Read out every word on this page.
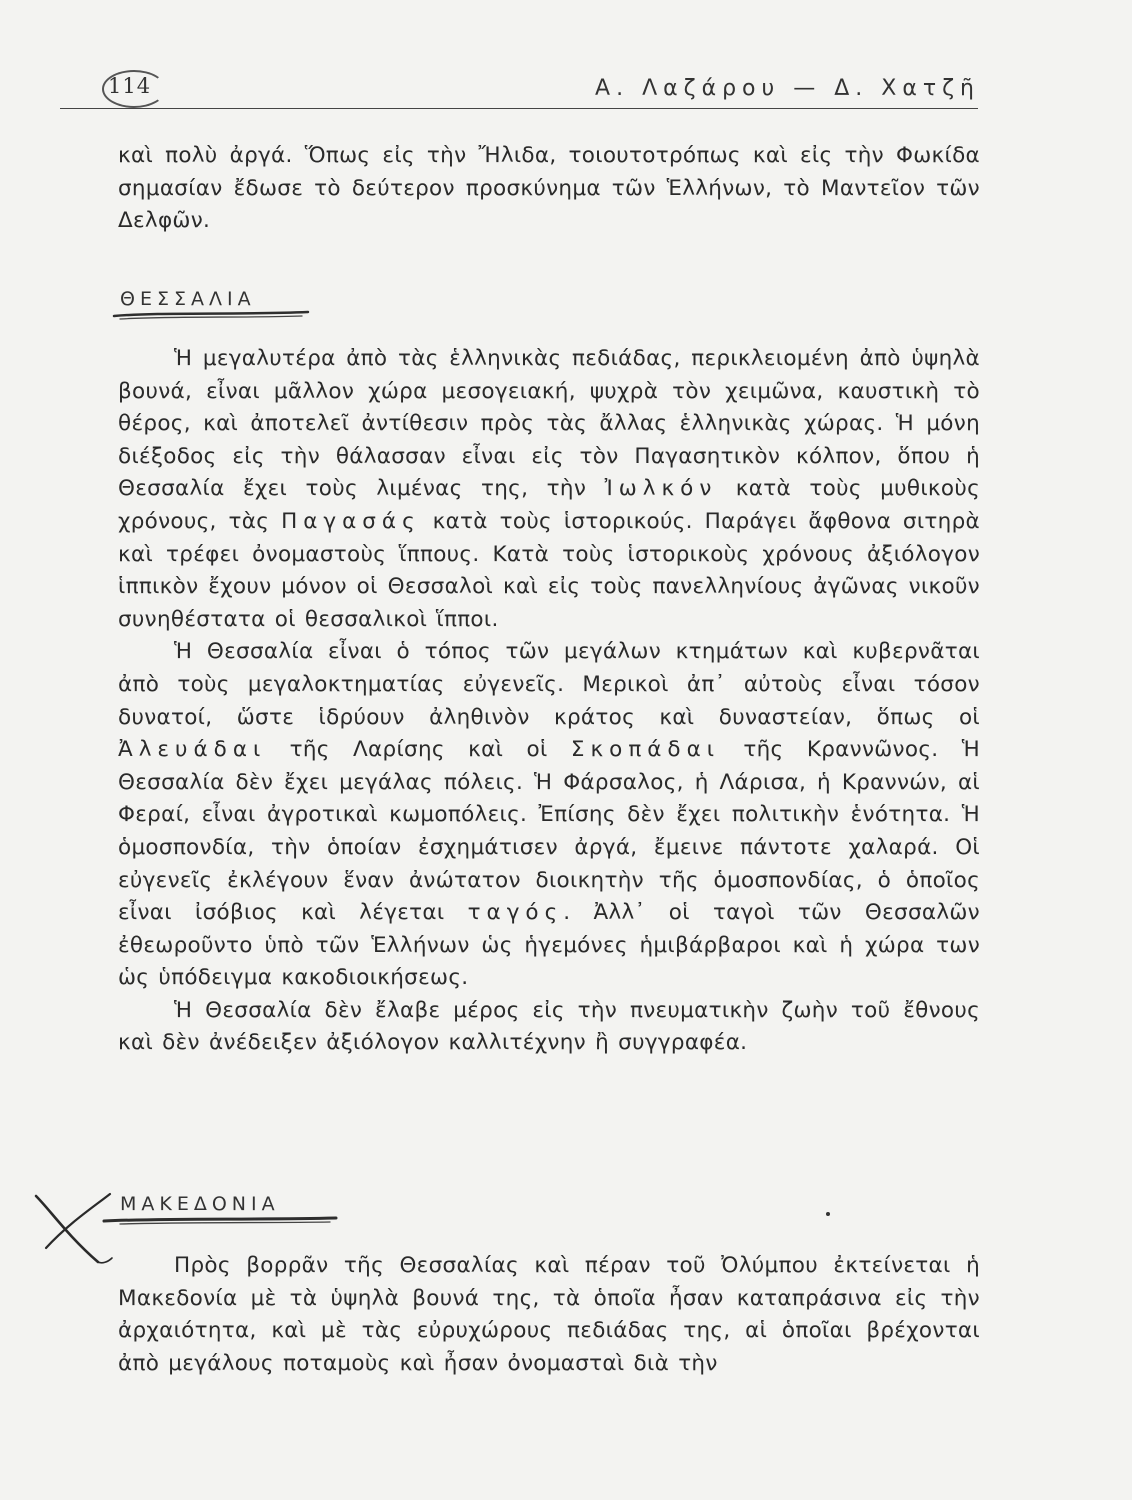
114	Α. Λαζάρου — Δ. Χατζῆ

καὶ πολὺ ἀργά. Ὅπως εἰς τὴν Ἤλιδα, τοιουτοτρόπως καὶ εἰς τὴν Φωκίδα σημασίαν ἔδωσε τὸ δεύτερον προσκύνημα τῶν Ἑλλήνων, τὸ Μαντεῖον τῶν Δελφῶν.

ΘΕΣΣΑΛΙΑ

Ἡ μεγαλυτέρα ἀπὸ τὰς ἑλληνικὰς πεδιάδας, περικλειομένη ἀπὸ ὑψηλὰ βουνά, εἶναι μᾶλλον χώρα μεσογειακή, ψυχρὰ τὸν χειμῶνα, καυστικὴ τὸ θέρος, καὶ ἀποτελεῖ ἀντίθεσιν πρὸς τὰς ἄλλας ἑλληνικὰς χώρας. Ἡ μόνη διέξοδος εἰς τὴν θάλασσαν εἶναι εἰς τὸν Παγασητικὸν κόλπον, ὅπου ἡ Θεσσαλία ἔχει τοὺς λιμένας της, τὴν Ἰωλκόν κατὰ τοὺς μυθικοὺς χρόνους, τὰς Παγασάς κατὰ τοὺς ἱστορικούς. Παράγει ἄφθονα σιτηρὰ καὶ τρέφει ὀνομαστοὺς ἵππους. Κατὰ τοὺς ἱστορικοὺς χρόνους ἀξιόλογον ἱππικὸν ἔχουν μόνον οἱ Θεσσαλοὶ καὶ εἰς τοὺς πανελληνίους ἀγῶνας νικοῦν συνηθέστατα οἱ θεσσαλικοὶ ἵπποι.

Ἡ Θεσσαλία εἶναι ὁ τόπος τῶν μεγάλων κτημάτων καὶ κυβερνᾶται ἀπὸ τοὺς μεγαλοκτηματίας εὐγενεῖς. Μερικοὶ ἀπ᾽ αὐτοὺς εἶναι τόσον δυνατοί, ὥστε ἱδρύουν ἀληθινὸν κράτος καὶ δυναστείαν, ὅπως οἱ Ἀλευάδαι τῆς Λαρίσης καὶ οἱ Σκοπάδαι τῆς Κραννῶνος. Ἡ Θεσσαλία δὲν ἔχει μεγάλας πόλεις. Ἡ Φάρσαλος, ἡ Λάρισα, ἡ Κραννών, αἱ Φεραί, εἶναι ἀγροτικαὶ κωμοπόλεις. Ἐπίσης δὲν ἔχει πολιτικὴν ἑνότητα. Ἡ ὁμοσπονδία, τὴν ὁποίαν ἐσχημάτισεν ἀργά, ἔμεινε πάντοτε χαλαρά. Οἱ εὐγενεῖς ἐκλέγουν ἕναν ἀνώτατον διοικητὴν τῆς ὁμοσπονδίας, ὁ ὁποῖος εἶναι ἰσόβιος καὶ λέγεται ταγός. Ἀλλ᾽ οἱ ταγοὶ τῶν Θεσσαλῶν ἐθεωροῦντο ὑπὸ τῶν Ἑλλήνων ὡς ἡγεμόνες ἡμιβάρβαροι καὶ ἡ χώρα των ὡς ὑπόδειγμα κακοδιοικήσεως.

Ἡ Θεσσαλία δὲν ἔλαβε μέρος εἰς τὴν πνευματικὴν ζωὴν τοῦ ἔθνους καὶ δὲν ἀνέδειξεν ἀξιόλογον καλλιτέχνην ἢ συγγραφέα.

ΜΑΚΕΔΟΝΙΑ

Πρὸς βορρᾶν τῆς Θεσσαλίας καὶ πέραν τοῦ Ὀλύμπου ἐκτείνεται ἡ Μακεδονία μὲ τὰ ὑψηλὰ βουνά της, τὰ ὁποῖα ἦσαν καταπράσινα εἰς τὴν ἀρχαιότητα, καὶ μὲ τὰς εὐρυχώρους πεδιάδας της, αἱ ὁποῖαι βρέχονται ἀπὸ μεγάλους ποταμοὺς καὶ ἦσαν ὀνομασταὶ διὰ τὴν
